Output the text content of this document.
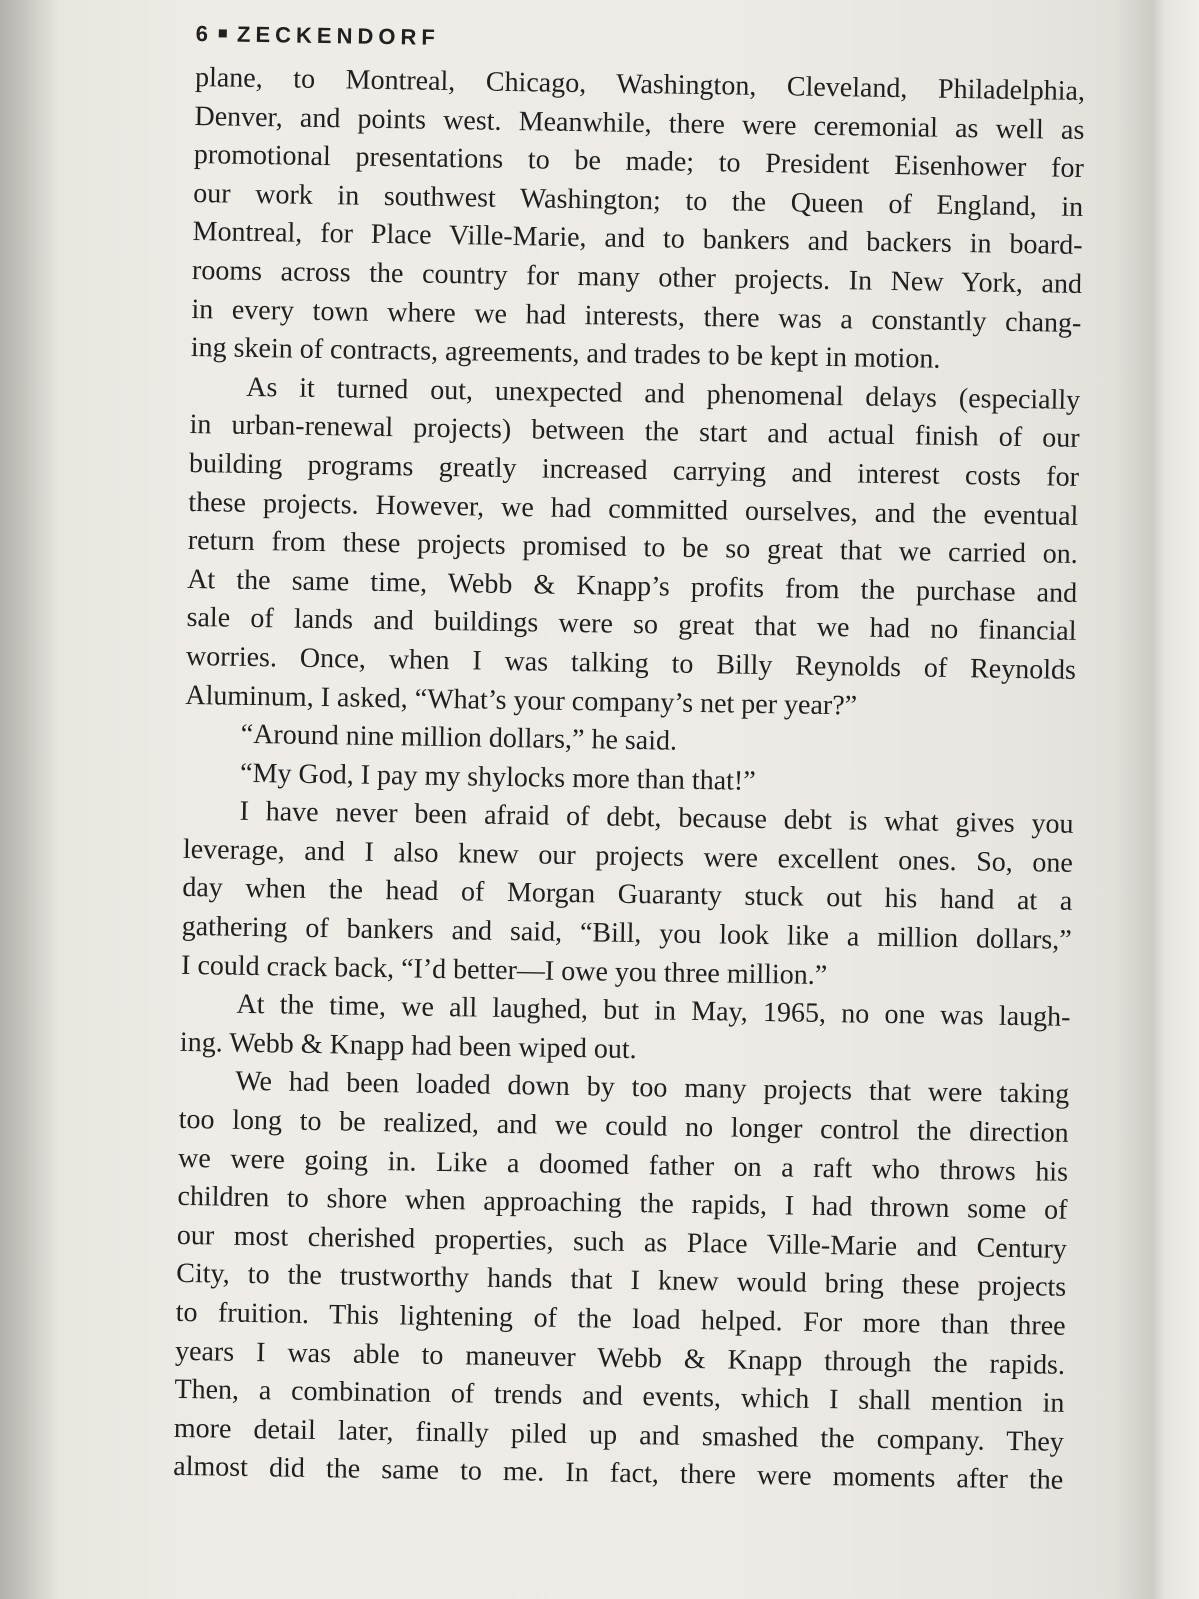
6 ZECKENDORF
plane, to Montreal, Chicago, Washington, Cleveland, Philadelphia,
Denver, and points west. Meanwhile, there were ceremonial as well as
promotional presentations to be made; to President Eisenhower for
our work in southwest Washington; to the Queen of England, in
Montreal, for Place Ville-Marie, and to bankers and backers in board-
rooms across the country for many other projects. In New York, and
in every town where we had interests, there was a constantly chang-
ing skein of contracts, agreements, and trades to be kept in motion.
As it turned out, unexpected and phenomenal delays (especially
in urban-renewal projects) between the start and actual finish of our
building programs greatly increased carrying and interest costs for
these projects. However, we had committed ourselves, and the eventual
return from these projects promised to be so great that we carried on.
At the same time, Webb & Knapp’s profits from the purchase and
sale of lands and buildings were so great that we had no financial
worries. Once, when I was talking to Billy Reynolds of Reynolds
Aluminum, I asked, “What’s your company’s net per year?”
“Around nine million dollars,” he said.
“My God, I pay my shylocks more than that!”
I have never been afraid of debt, because debt is what gives you
leverage, and I also knew our projects were excellent ones. So, one
day when the head of Morgan Guaranty stuck out his hand at a
gathering of bankers and said, “Bill, you look like a million dollars,”
I could crack back, “I’d better—I owe you three million.”
At the time, we all laughed, but in May, 1965, no one was laugh-
ing. Webb & Knapp had been wiped out.
We had been loaded down by too many projects that were taking
too long to be realized, and we could no longer control the direction
we were going in. Like a doomed father on a raft who throws his
children to shore when approaching the rapids, I had thrown some of
our most cherished properties, such as Place Ville-Marie and Century
City, to the trustworthy hands that I knew would bring these projects
to fruition. This lightening of the load helped. For more than three
years I was able to maneuver Webb & Knapp through the rapids.
Then, a combination of trends and events, which I shall mention in
more detail later, finally piled up and smashed the company. They
almost did the same to me. In fact, there were moments after the
